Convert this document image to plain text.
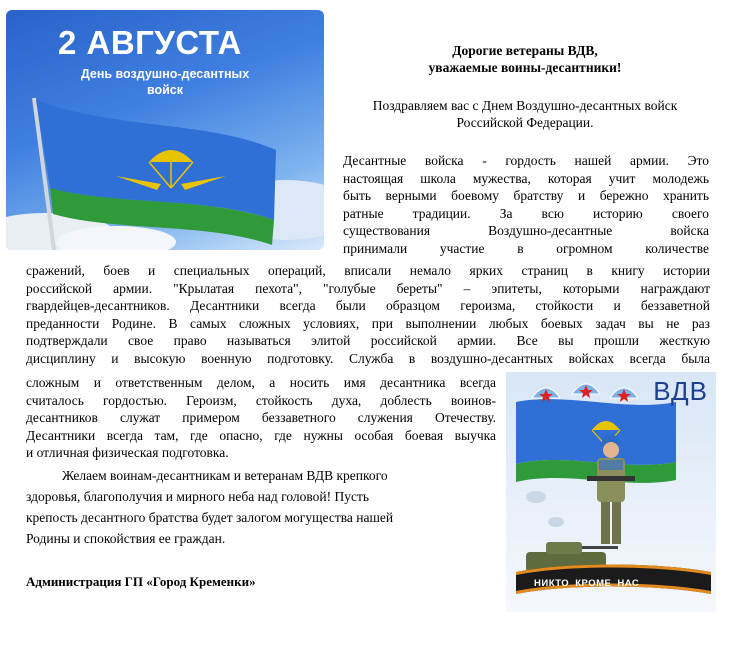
2 АВГУСТА
День воздушно-десантных
войск
Дорогие ветераны ВДВ,
уважаемые воины-десантники!
Поздравляем вас с Днем Воздушно-десантных войск
Российской Федерации.
Десантные войска - гордость нашей армии. Это
настоящая школа мужества, которая учит молодежь
быть верными боевому братству и бережно хранить
ратные традиции. За всю историю своего
существования Воздушно-десантные войска
принимали участие в огромном количестве
сражений, боев и специальных операций, вписали немало ярких страниц в книгу истории
российской армии. "Крылатая пехота", "голубые береты" – эпитеты, которыми награждают
гвардейцев-десантников. Десантники всегда были образцом героизма, стойкости и беззаветной
преданности Родине. В самых сложных условиях, при выполнении любых боевых задач вы не раз
подтверждали свое право называться элитой российской армии. Все вы прошли жесткую
дисциплину и высокую военную подготовку. Служба в воздушно-десантных войсках всегда была
сложным и ответственным делом, а носить имя десантника всегда
считалось гордостью. Героизм, стойкость духа, доблесть воинов-
десантников служат примером беззаветного служения Отечеству.
Десантники всегда там, где опасно, где нужны особая боевая выучка
и отличная физическая подготовка.
Желаем воинам-десантникам и ветеранам ВДВ крепкого
здоровья, благополучия и мирного неба над головой! Пусть
крепость десантного братства будет залогом могущества нашей
Родины и спокойствия ее граждан.
Администрация ГП «Город Кременки»
ВДВ
НИКТО КРОМЕ НАС
